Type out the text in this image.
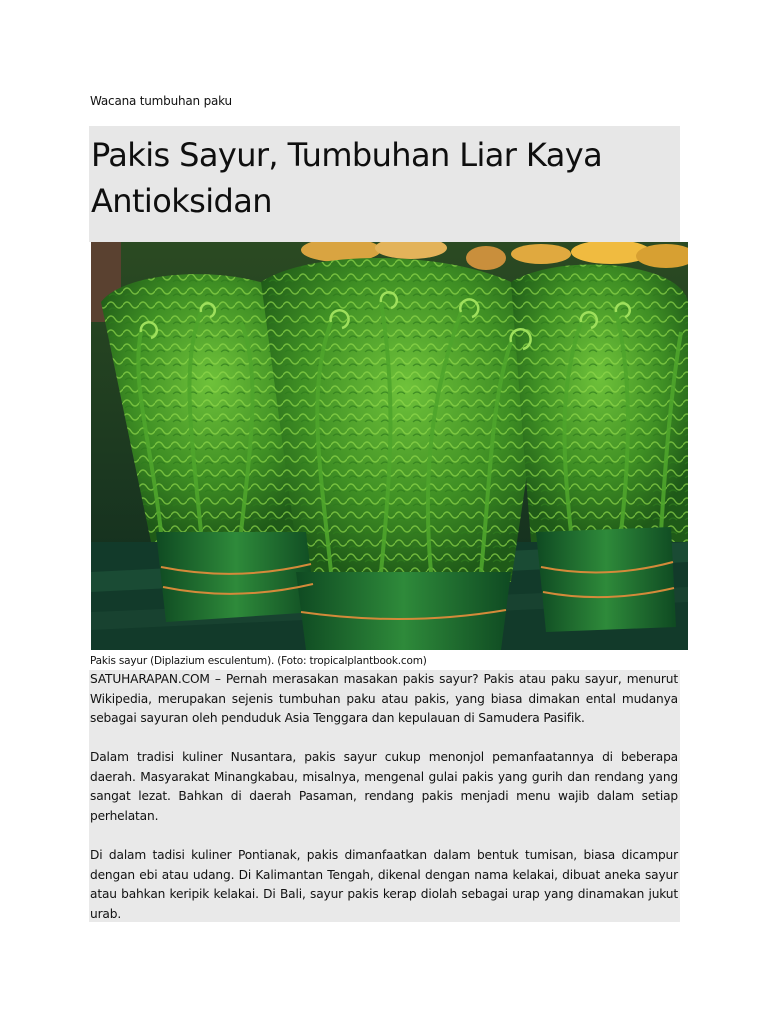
Wacana tumbuhan paku
Pakis Sayur, Tumbuhan Liar Kaya Antioksidan
Pakis sayur (Diplazium esculentum). (Foto: tropicalplantbook.com)

SATUHARAPAN.COM – Pernah merasakan masakan pakis sayur? Pakis atau paku sayur, menurut Wikipedia, merupakan sejenis tumbuhan paku atau pakis, yang biasa dimakan ental mudanya sebagai sayuran oleh penduduk Asia Tenggara dan kepulauan di Samudera Pasifik.

Dalam tradisi kuliner Nusantara, pakis sayur cukup menonjol pemanfaatannya di beberapa daerah. Masyarakat Minangkabau, misalnya, mengenal gulai pakis yang gurih dan rendang yang sangat lezat. Bahkan di daerah Pasaman, rendang pakis menjadi menu wajib dalam setiap perhelatan.

Di dalam tadisi kuliner Pontianak, pakis dimanfaatkan dalam bentuk tumisan, biasa dicampur dengan ebi atau udang. Di Kalimantan Tengah, dikenal dengan nama kelakai, dibuat aneka sayur atau bahkan keripik kelakai. Di Bali, sayur pakis kerap diolah sebagai urap yang dinamakan jukut urab.
